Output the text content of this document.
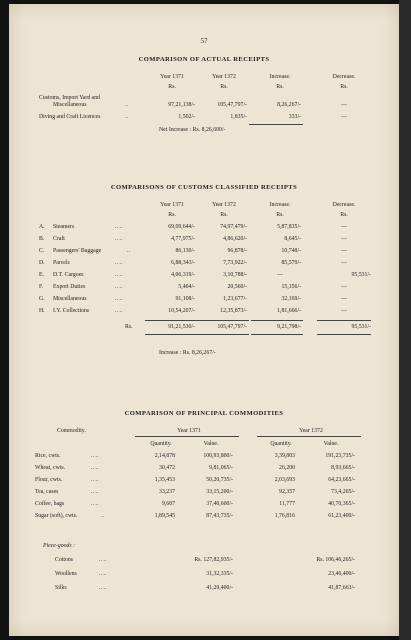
57
COMPARISON OF ACTUAL RECEIPTS
Year 1371	Year 1372	Increase.	Decrease.
Rs.	Rs.	Rs.	Rs.
Customs, Import Yard and
Miscellaneous	..	97,21,138/-	105,47,797/-	8,26,267/-	—
Diving and Craft Licences	..	1,502/-	1,835/-	333/-	—
Net Increase : Rs. 8,26,600/-
COMPARISONS OF CUSTOMS CLASSIFIED RECEIPTS
Year 1371	Year 1372	Increase.	Decrease.
Rs.	Rs.	Rs.	Rs.
A. Steamers	.. ..	69,09,644/-	74,97,479/-	5,87,835/-	—
B. Craft	.. ..	4,77,975/-	4,86,620/-	8,645/-	—
C. Passengers' Baggage	..	86,130/-	96,878/-	10,748/-	—
D. Parcels	.. ..	6,88,343/-	7,73,922/-	85,579/-	—
E. D.T. Cargoes	.. ..	4,06,319/-	3,10,788/-	—	95,531/-
F. Export Duties	.. ..	5,404/-	20,560/-	15,156/-	—
G. Miscellaneous	.. ..	91,108/-	1,23,677/-	32,169/-	—
H. I.Y. Collections	.. ..	10,54,207/-	12,35,873/-	1,81,666/-	—
Rs.	91,21,530/-	105,47,797/-	9,21,798/-	95,531/-
Increase : Rs. 8,26,267/-
COMPARISON OF PRINCIPAL COMMODITIES
Commodity.	Year 1371	Year 1372
Quantity.	Value.	Quantity.	Value.
Rice, cwts.	.. ..	2,14,878	100,93,800/-	3,39,803	191,23,735/-
Wheat, cwts.	.. ..	30,472	9,81,065/-	26,200	8,93,665/-
Flour, cwts.	.. ..	1,35,453	50,20,735/-	2,03,693	64,23,665/-
Tea, cases	.. ..	33,237	33,15,200/-	92,357	73,4,265/-
Coffee, bags	.. ..	9,607	37,40,600/-	11,777	40,70,365/-
Sugar (soft), cwts.	..	1,89,545	87,43,735/-	1,76,816	61,23,400/-
Piece-goods :
Cottons	.. ..	Rs. 127,82,935/-	Rs. 106,46,265/-
Woollens	.. ..	31,32,335/-	23,46,400/-
Silks	.. ..	41,29,400/-	41,87,663/-
